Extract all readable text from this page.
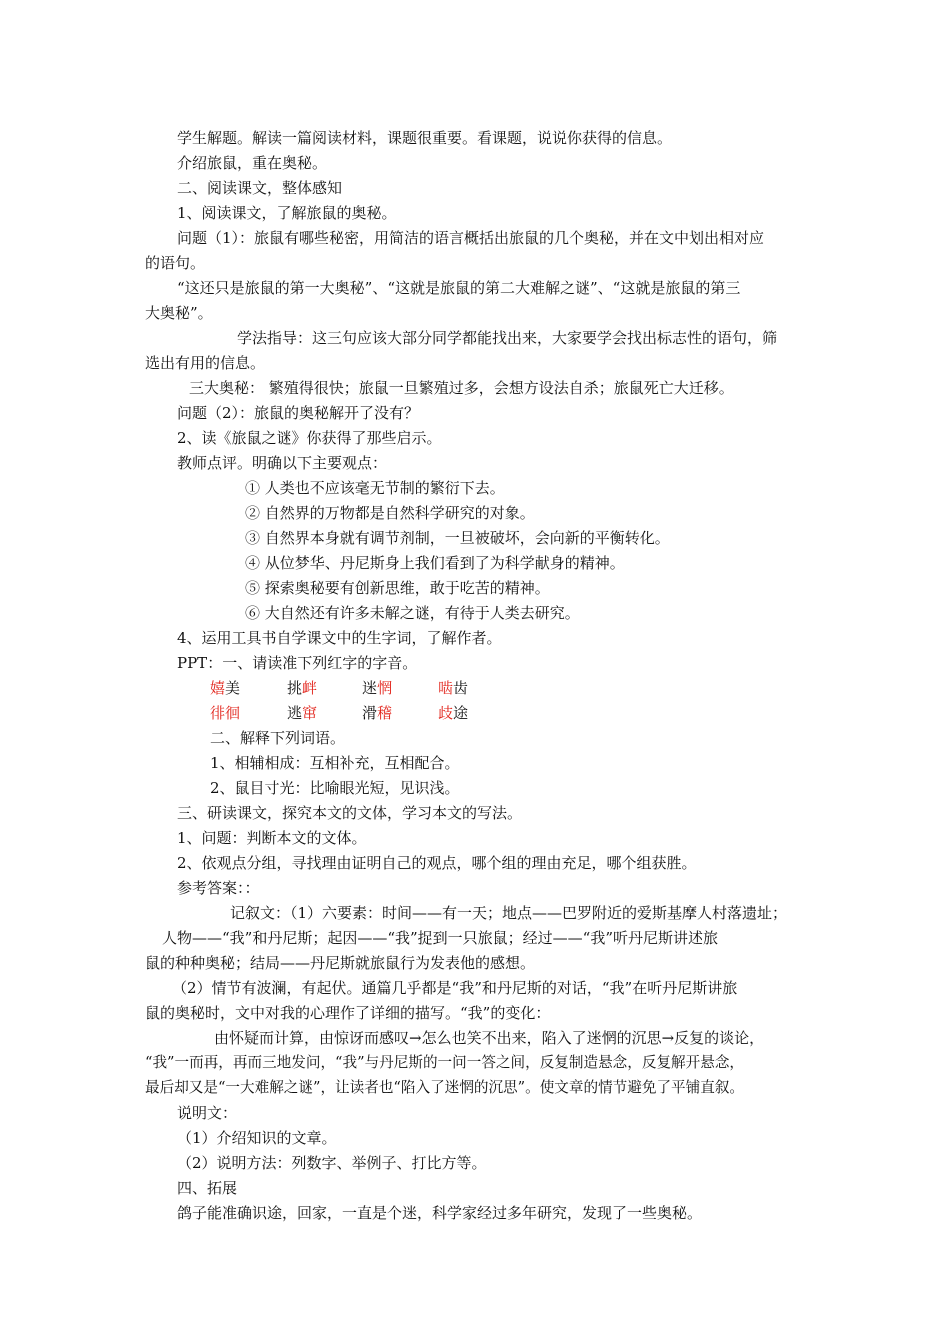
学生解题。解读一篇阅读材料，课题很重要。看课题，说说你获得的信息。
介绍旅鼠，重在奥秘。
二、阅读课文，整体感知
1、阅读课文，了解旅鼠的奥秘。
问题（1）：旅鼠有哪些秘密，用简洁的语言概括出旅鼠的几个奥秘，并在文中划出相对应
的语句。
“这还只是旅鼠的第一大奥秘”、“这就是旅鼠的第二大难解之谜”、“这就是旅鼠的第三
大奥秘”。
学法指导：这三句应该大部分同学都能找出来，大家要学会找出标志性的语句，筛
选出有用的信息。
三大奥秘： 繁殖得很快；旅鼠一旦繁殖过多，会想方设法自杀；旅鼠死亡大迁移。
问题（2）：旅鼠的奥秘解开了没有？
2、读《旅鼠之谜》你获得了那些启示。
教师点评。明确以下主要观点：
① 人类也不应该毫无节制的繁衍下去。
② 自然界的万物都是自然科学研究的对象。
③ 自然界本身就有调节剂制，一旦被破坏，会向新的平衡转化。
④ 从位梦华、丹尼斯身上我们看到了为科学献身的精神。
⑤ 探索奥秘要有创新思维，敢于吃苦的精神。
⑥ 大自然还有许多未解之谜，有待于人类去研究。
4、运用工具书自学课文中的生字词，了解作者。
PPT：一、请读准下列红字的字音。
嬉美	挑衅	迷惘	啮齿
徘徊	逃窜	滑稽	歧途
二、解释下列词语。
1、相辅相成：互相补充，互相配合。
2、鼠目寸光：比喻眼光短，见识浅。
三、研读课文，探究本文的文体，学习本文的写法。
1、问题：判断本文的文体。
2、依观点分组，寻找理由证明自己的观点，哪个组的理由充足，哪个组获胜。
参考答案：：
记叙文：（1）六要素：时间——有一天；地点——巴罗附近的爱斯基摩人村落遗址；
人物——“我”和丹尼斯；起因——“我”捉到一只旅鼠；经过——“我”听丹尼斯讲述旅
鼠的种种奥秘；结局——丹尼斯就旅鼠行为发表他的感想。
（2）情节有波澜，有起伏。通篇几乎都是“我”和丹尼斯的对话，“我”在听丹尼斯讲旅
鼠的奥秘时，文中对我的心理作了详细的描写。“我”的变化：
由怀疑而计算，由惊讶而感叹→怎么也笑不出来，陷入了迷惘的沉思→反复的谈论，
“我”一而再，再而三地发问，“我”与丹尼斯的一问一答之间，反复制造悬念，反复解开悬念，
最后却又是“一大难解之谜”，让读者也“陷入了迷惘的沉思”。使文章的情节避免了平铺直叙。
说明文：
（1）介绍知识的文章。
（2）说明方法：列数字、举例子、打比方等。
四、拓展
鸽子能准确识途，回家，一直是个迷，科学家经过多年研究，发现了一些奥秘。
